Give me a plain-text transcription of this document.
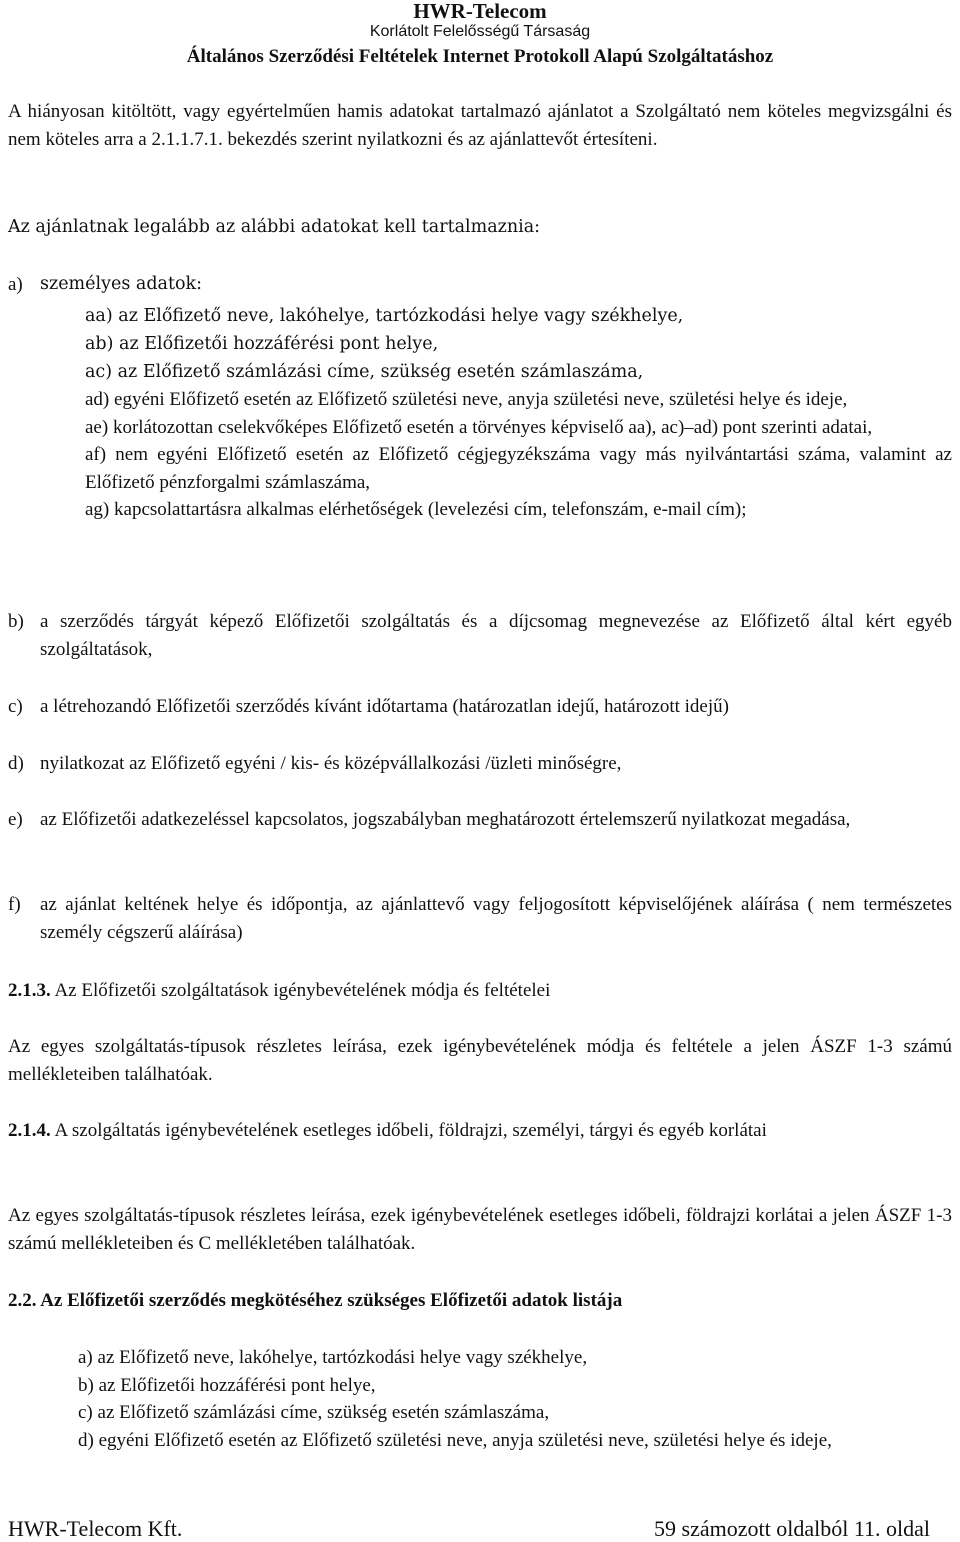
HWR-Telecom
Korlátolt Felelősségű Társaság
Általános Szerződési Feltételek Internet Protokoll Alapú Szolgáltatáshoz
A hiányosan kitöltött, vagy egyértelműen hamis adatokat tartalmazó ajánlatot a Szolgáltató nem köteles megvizsgálni és nem köteles arra a 2.1.1.7.1. bekezdés szerint nyilatkozni és az ajánlattevőt értesíteni.
Az ajánlatnak legalább az alábbi adatokat kell tartalmaznia:
a) személyes adatok:
aa) az Előfizető neve, lakóhelye, tartózkodási helye vagy székhelye,
ab) az Előfizetői hozzáférési pont helye,
ac) az Előfizető számlázási címe, szükség esetén számlaszáma,
ad) egyéni Előfizető esetén az Előfizető születési neve, anyja születési neve, születési helye és ideje,
ae) korlátozottan cselekvőképes Előfizető esetén a törvényes képviselő aa), ac)–ad) pont szerinti adatai,
af) nem egyéni Előfizető esetén az Előfizető cégjegyzékszáma vagy más nyilvántartási száma, valamint az Előfizető pénzforgalmi számlaszáma,
ag) kapcsolattartásra alkalmas elérhetőségek (levelezési cím, telefonszám, e-mail cím);
b) a szerződés tárgyát képező Előfizetői szolgáltatás és a díjcsomag megnevezése az Előfizető által kért egyéb szolgáltatások,
c) a létrehozandó Előfizetői szerződés kívánt időtartama (határozatlan idejű, határozott idejű)
d) nyilatkozat az Előfizető egyéni / kis- és középvállalkozási /üzleti minőségre,
e) az Előfizetői adatkezeléssel kapcsolatos, jogszabályban meghatározott értelemszerű nyilatkozat megadása,
f)	az ajánlat keltének helye és időpontja, az ajánlattevő vagy feljogosított képviselőjének aláírása ( nem természetes személy cégszerű aláírása)
2.1.3. Az Előfizetői szolgáltatások igénybevételének módja és feltételei
Az egyes szolgáltatás-típusok részletes leírása, ezek igénybevételének módja és feltétele a jelen ÁSZF 1-3 számú mellékleteiben találhatóak.
2.1.4. A szolgáltatás igénybevételének esetleges időbeli, földrajzi, személyi, tárgyi és egyéb korlátai
Az egyes szolgáltatás-típusok részletes leírása, ezek igénybevételének esetleges időbeli, földrajzi korlátai a jelen ÁSZF 1-3 számú mellékleteiben és C mellékletében találhatóak.
2.2. Az Előfizetői szerződés megkötéséhez szükséges Előfizetői adatok listája
a) az Előfizető neve, lakóhelye, tartózkodási helye vagy székhelye,
b) az Előfizetői hozzáférési pont helye,
c) az Előfizető számlázási címe, szükség esetén számlaszáma,
d) egyéni Előfizető esetén az Előfizető születési neve, anyja születési neve, születési helye és ideje,
HWR-Telecom Kft.	59 számozott oldalból 11. oldal
